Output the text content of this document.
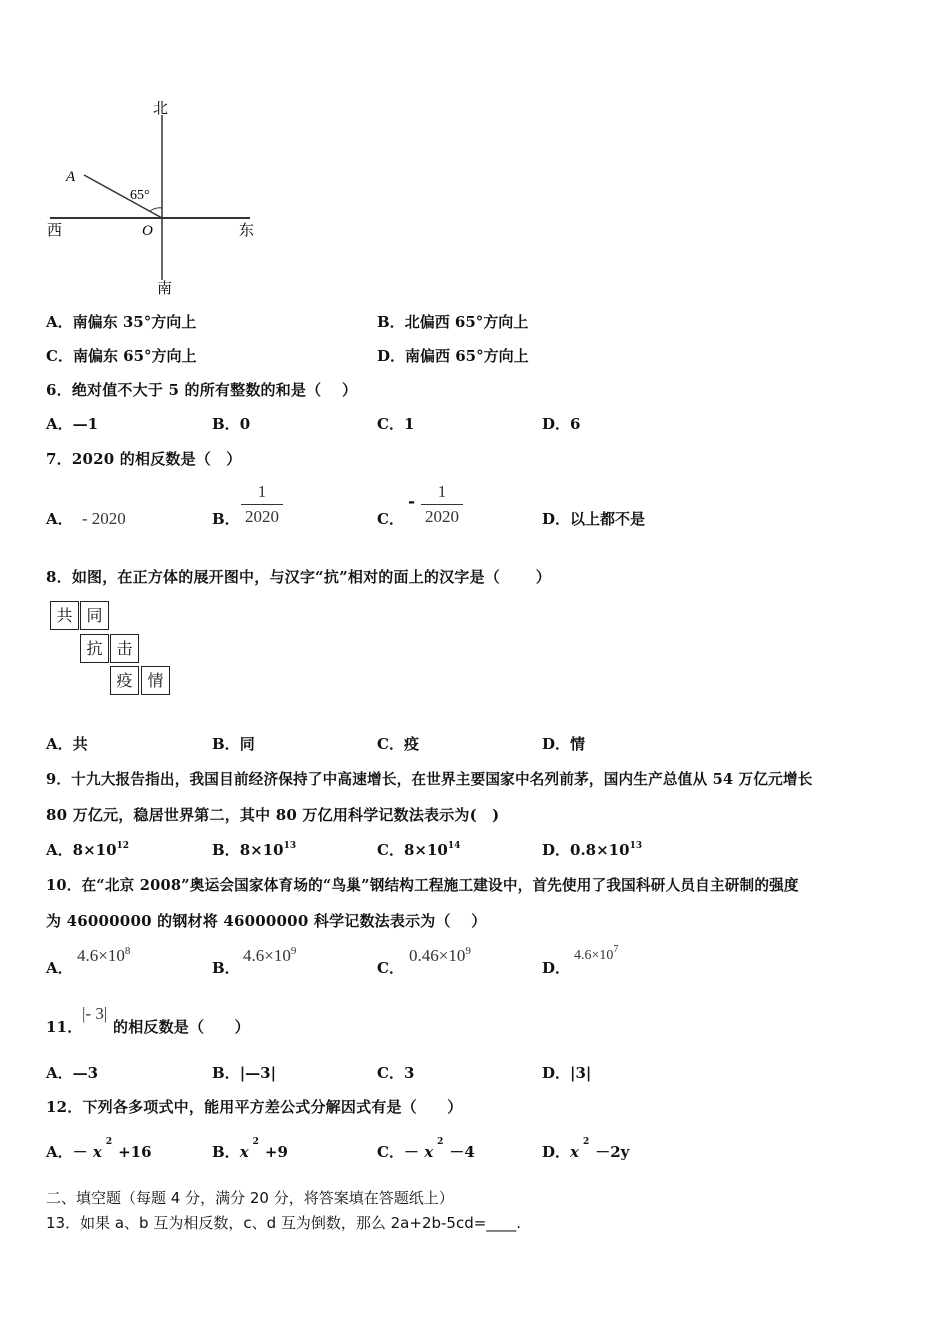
北
南
西	东
A
O
65°
A．南偏东 35°方向上	B．北偏西 65°方向上
C．南偏东 65°方向上	D．南偏西 65°方向上
6．绝对值不大于 5 的所有整数的和是（　 ）
A．—1	B．0	C．1	D．6
7．2020 的相反数是（　）
A． - 2020	B． $\frac{1}{2020}$	C．
- $\frac{1}{2020}$	D．以上都不是
8．如图，在正方体的展开图中，与汉字“抗”相对的面上的汉字是（　　 ）
共 同
抗 击
疫 情
A．共	B．同	C．疫	D．情
9．十九大报告指出，我国目前经济保持了中高速增长，在世界主要国家中名列前茅，国内生产总值从 54 万亿元增长
80 万亿元，稳居世界第二，其中 80 万亿用科学记数法表示为(　)
A．$8\times 10^{12}$	B．$8\times 10^{13}$	C．$8\times 10^{14}$	D．$0.8\times 10^{13}$
10．在“北京 2008”奥运会国家体育场的“鸟巢”钢结构工程施工建设中，首先使用了我国科研人员自主研制的强度
为 46000000 的钢材将 46000000 科学记数法表示为（　 ）
A．
$4.6\times 10^8$
B．
$4.6\times 10^9$
C．
$0.46\times 10^9$
D．
$4.6\times 10^7$
11．
|- 3|
的相反数是（　　）
A．—3	B．|—3|	C．3	D．|3|
12．下列各多项式中，能用平方差公式分解因式有是（　　）
A．－ $x^2+16$	B．$x^2+9$	C．－ $x^2-4$	D．$x^2-2y$
二、填空题（每题 4 分，满分 20 分，将答案填在答题纸上）
13．如果 a、b 互为相反数，c、d 互为倒数，那么 2a+2b-5cd=____.
